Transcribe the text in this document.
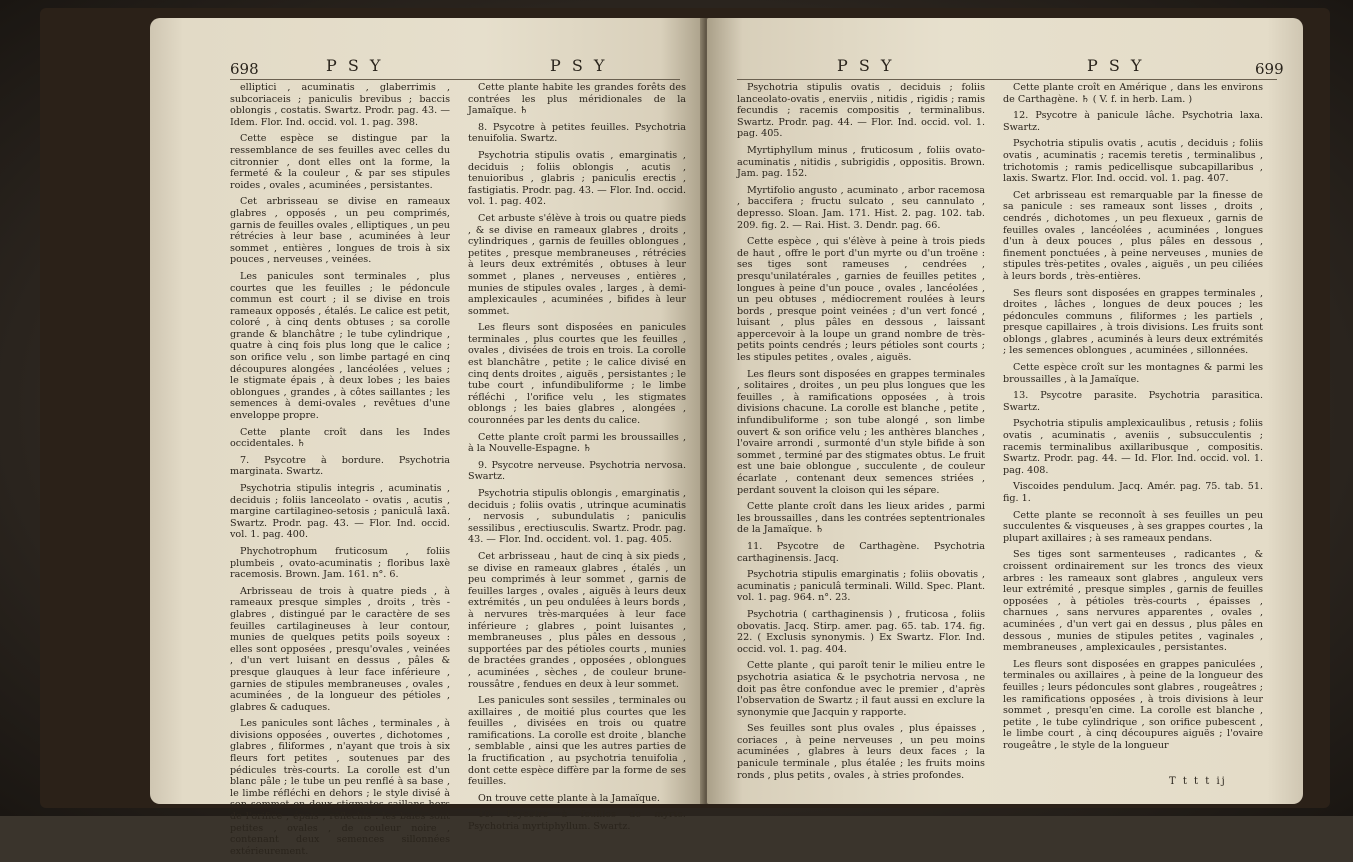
698	P S Y	P S Y

elliptici , acuminatis , glaberrimis , subcoriaceis ; paniculis brevibus ; baccis oblongis , costatis. Swartz. Prodr. pag. 43. — Idem. Flor. Ind. occid. vol. 1. pag. 398.

Cette espèce se distingue par la ressemblance de ses feuilles avec celles du citronnier , dont elles ont la forme, la fermeté & la couleur , & par ses stipules roides , ovales , acuminées , persistantes.

Cet arbrisseau se divise en rameaux glabres , opposés , un peu comprimés, garnis de feuilles ovales , elliptiques , un peu rétrécies à leur base , acuminées à leur sommet , entières , longues de trois à six pouces , nerveuses , veinées.

Les panicules sont terminales , plus courtes que les feuilles ; le pédoncule commun est court ; il se divise en trois rameaux opposés , étalés. Le calice est petit, coloré , à cinq dents obtuses ; sa corolle grande & blanchâtre ; le tube cylindrique , quatre à cinq fois plus long que le calice ; son orifice velu , son limbe partagé en cinq découpures alongées , lancéolées , velues ; le stigmate épais , à deux lobes ; les baies oblongues , grandes , à côtes saillantes ; les semences à demi-ovales , revêtues d'une enveloppe propre.

Cette plante croît dans les Indes occidentales. ♄

7. Psycotre à bordure. Psychotria marginata. Swartz.

Psychotria stipulis integris , acuminatis , deciduis ; foliis lanceolato - ovatis , acutis , margine cartilagineo-setosis ; paniculâ laxâ. Swartz. Prodr. pag. 43. — Flor. Ind. occid. vol. 1. pag. 400.

Phychotrophum fruticosum , foliis plumbeis , ovato-acuminatis ; floribus laxè racemosis. Brown. Jam. 161. n°. 6.

Arbrisseau de trois à quatre pieds , à rameaux presque simples , droits , très - glabres , distingué par le caractère de ses feuilles cartilagineuses à leur contour, munies de quelques petits poils soyeux : elles sont opposées , presqu'ovales , veinées , d'un vert luisant en dessus , pâles & presque glauques à leur face inférieure , garnies de stipules membraneuses , ovales , acuminées , de la longueur des pétioles , glabres & caduques.

Les panicules sont lâches , terminales , à divisions opposées , ouvertes , dichotomes , glabres , filiformes , n'ayant que trois à six fleurs fort petites , soutenues par des pédicules très-courts. La corolle est d'un blanc pâle ; le tube un peu renflé à sa base , le limbe réfléchi en dehors ; le style divisé à son sommet en deux stigmates saillans hors de l'orifice , épais , réfléchis : les baies sont petites , ovales , de couleur noire , contenant deux semences sillonnées extérieurement.

Cette plante habite les grandes forêts des contrées les plus méridionales de la Jamaïque. ♄

8. Psycotre à petites feuilles. Psychotria tenuifolia. Swartz.

Psychotria stipulis ovatis , emarginatis , deciduis ; foliis oblongis , acutis , tenuioribus , glabris ; paniculis erectis , fastigiatis. Prodr. pag. 43. — Flor. Ind. occid. vol. 1. pag. 402.

Cet arbuste s'élève à trois ou quatre pieds , & se divise en rameaux glabres , droits , cylindriques , garnis de feuilles oblongues , petites , presque membraneuses , rétrécies à leurs deux extrémités , obtuses à leur sommet , planes , nerveuses , entières , munies de stipules ovales , larges , à demi-amplexicaules , acuminées , bifides à leur sommet.

Les fleurs sont disposées en panicules terminales , plus courtes que les feuilles , ovales , divisées de trois en trois. La corolle est blanchâtre , petite ; le calice divisé en cinq dents droites , aiguës , persistantes ; le tube court , infundibuliforme ; le limbe réfléchi , l'orifice velu , les stigmates oblongs ; les baies glabres , alongées , couronnées par les dents du calice.

Cette plante croît parmi les broussailles , à la Nouvelle-Espagne. ♄

9. Psycotre nerveuse. Psychotria nervosa. Swartz.

Psychotria stipulis oblongis , emarginatis , deciduis ; foliis ovatis , utrinque acuminatis , nervosis , subundulatis ; paniculis sessilibus , erectiusculis. Swartz. Prodr. pag. 43. — Flor. Ind. occident. vol. 1. pag. 405.

Cet arbrisseau , haut de cinq à six pieds , se divise en rameaux glabres , étalés , un peu comprimés à leur sommet , garnis de feuilles larges , ovales , aiguës à leurs deux extrémités , un peu ondulées à leurs bords , à nervures très-marquées à leur face inférieure ; glabres , point luisantes , membraneuses , plus pâles en dessous , supportées par des pétioles courts , munies de bractées grandes , opposées , oblongues , acuminées , sèches , de couleur brune-roussâtre , fendues en deux à leur sommet.

Les panicules sont sessiles , terminales ou axillaires , de moitié plus courtes que les feuilles , divisées en trois ou quatre ramifications. La corolle est droite , blanche , semblable , ainsi que les autres parties de la fructification , au psychotria tenuifolia , dont cette espèce diffère par la forme de ses feuilles.

On trouve cette plante à la Jamaïque.

10. Psycotre à feuilles de myrte. Psychotria myrtiphyllum. Swartz.

P S Y	P S Y	699

Psychotria stipulis ovatis , deciduis ; foliis lanceolato-ovatis , enerviis , nitidis , rigidis ; ramis fecundis ; racemis compositis , terminalibus. Swartz. Prodr. pag. 44. — Flor. Ind. occid. vol. 1. pag. 405.

Myrtiphyllum minus , fruticosum , foliis ovato-acuminatis , nitidis , subrigidis , oppositis. Brown. Jam. pag. 152.

Myrtifolio angusto , acuminato , arbor racemosa , baccifera ; fructu sulcato , seu cannulato , depresso. Sloan. Jam. 171. Hist. 2. pag. 102. tab. 209. fig. 2. — Rai. Hist. 3. Dendr. pag. 66.

Cette espèce , qui s'élève à peine à trois pieds de haut , offre le port d'un myrte ou d'un troëne : ses tiges sont rameuses , cendrées , presqu'unilatérales , garnies de feuilles petites , longues à peine d'un pouce , ovales , lancéolées , un peu obtuses , médiocrement roulées à leurs bords , presque point veinées ; d'un vert foncé , luisant , plus pâles en dessous , laissant appercevoir à la loupe un grand nombre de très-petits points cendrés ; leurs pétioles sont courts ; les stipules petites , ovales , aiguës.

Les fleurs sont disposées en grappes terminales , solitaires , droites , un peu plus longues que les feuilles , à ramifications opposées , à trois divisions chacune. La corolle est blanche , petite , infundibuliforme ; son tube alongé , son limbe ouvert & son orifice velu ; les anthères blanches , l'ovaire arrondi , surmonté d'un style bifide à son sommet , terminé par des stigmates obtus. Le fruit est une baie oblongue , succulente , de couleur écarlate , contenant deux semences striées , perdant souvent la cloison qui les sépare.

Cette plante croît dans les lieux arides , parmi les broussailles , dans les contrées septentrionales de la Jamaïque. ♄

11. Psycotre de Carthagène. Psychotria carthaginensis. Jacq.

Psychotria stipulis emarginatis ; foliis obovatis , acuminatis ; paniculâ terminali. Willd. Spec. Plant. vol. 1. pag. 964. n°. 23.

Psychotria ( carthaginensis ) , fruticosa , foliis obovatis. Jacq. Stirp. amer. pag. 65. tab. 174. fig. 22. ( Exclusis synonymis. ) Ex Swartz. Flor. Ind. occid. vol. 1. pag. 404.

Cette plante , qui paroît tenir le milieu entre le psychotria asiatica & le psychotria nervosa , ne doit pas être confondue avec le premier , d'après l'observation de Swartz ; il faut aussi en exclure la synonymie que Jacquin y rapporte.

Ses feuilles sont plus ovales , plus épaisses , coriaces , à peine nerveuses , un peu moins acuminées , glabres à leurs deux faces ; la panicule terminale , plus étalée ; les fruits moins ronds , plus petits , ovales , à stries profondes.

Cette plante croît en Amérique , dans les environs de Carthagène. ♄ ( V. f. in herb. Lam. )

12. Psycotre à panicule lâche. Psychotria laxa. Swartz.

Psychotria stipulis ovatis , acutis , deciduis ; foliis ovatis , acuminatis ; racemis teretis , terminalibus , trichotomis ; ramis pedicellisque subcapillaribus , laxis. Swartz. Flor. Ind. occid. vol. 1. pag. 407.

Cet arbrisseau est remarquable par la finesse de sa panicule : ses rameaux sont lisses , droits , cendrés , dichotomes , un peu flexueux , garnis de feuilles ovales , lancéolées , acuminées , longues d'un à deux pouces , plus pâles en dessous , finement ponctuées , à peine nerveuses , munies de stipules très-petites , ovales , aiguës , un peu ciliées à leurs bords , très-entières.

Ses fleurs sont disposées en grappes terminales , droites , lâches , longues de deux pouces ; les pédoncules communs , filiformes ; les partiels , presque capillaires , à trois divisions. Les fruits sont oblongs , glabres , acuminés à leurs deux extrémités ; les semences oblongues , acuminées , sillonnées.

Cette espèce croît sur les montagnes & parmi les broussailles , à la Jamaïque.

13. Psycotre parasite. Psychotria parasitica. Swartz.

Psychotria stipulis amplexicaulibus , retusis ; foliis ovatis , acuminatis , aveniis , subsucculentis ; racemis terminalibus axillaribusque , compositis. Swartz. Prodr. pag. 44. — Id. Flor. Ind. occid. vol. 1. pag. 408.

Viscoides pendulum. Jacq. Amér. pag. 75. tab. 51. fig. 1.

Cette plante se reconnoît à ses feuilles un peu succulentes & visqueuses , à ses grappes courtes , la plupart axillaires ; à ses rameaux pendans.

Ses tiges sont sarmenteuses , radicantes , & croissent ordinairement sur les troncs des vieux arbres : les rameaux sont glabres , anguleux vers leur extrémité , presque simples , garnis de feuilles opposées , à pétioles très-courts , épaisses , charnues , sans nervures apparentes , ovales , acuminées , d'un vert gai en dessus , plus pâles en dessous , munies de stipules petites , vaginales , membraneuses , amplexicaules , persistantes.

Les fleurs sont disposées en grappes paniculées , terminales ou axillaires , à peine de la longueur des feuilles ; leurs pédoncules sont glabres , rougeâtres ; les ramifications opposées , à trois divisions à leur sommet , presqu'en cime. La corolle est blanche , petite , le tube cylindrique , son orifice pubescent , le limbe court , à cinq découpures aiguës ; l'ovaire rougeâtre , le style de la longueur

T t t t ij
